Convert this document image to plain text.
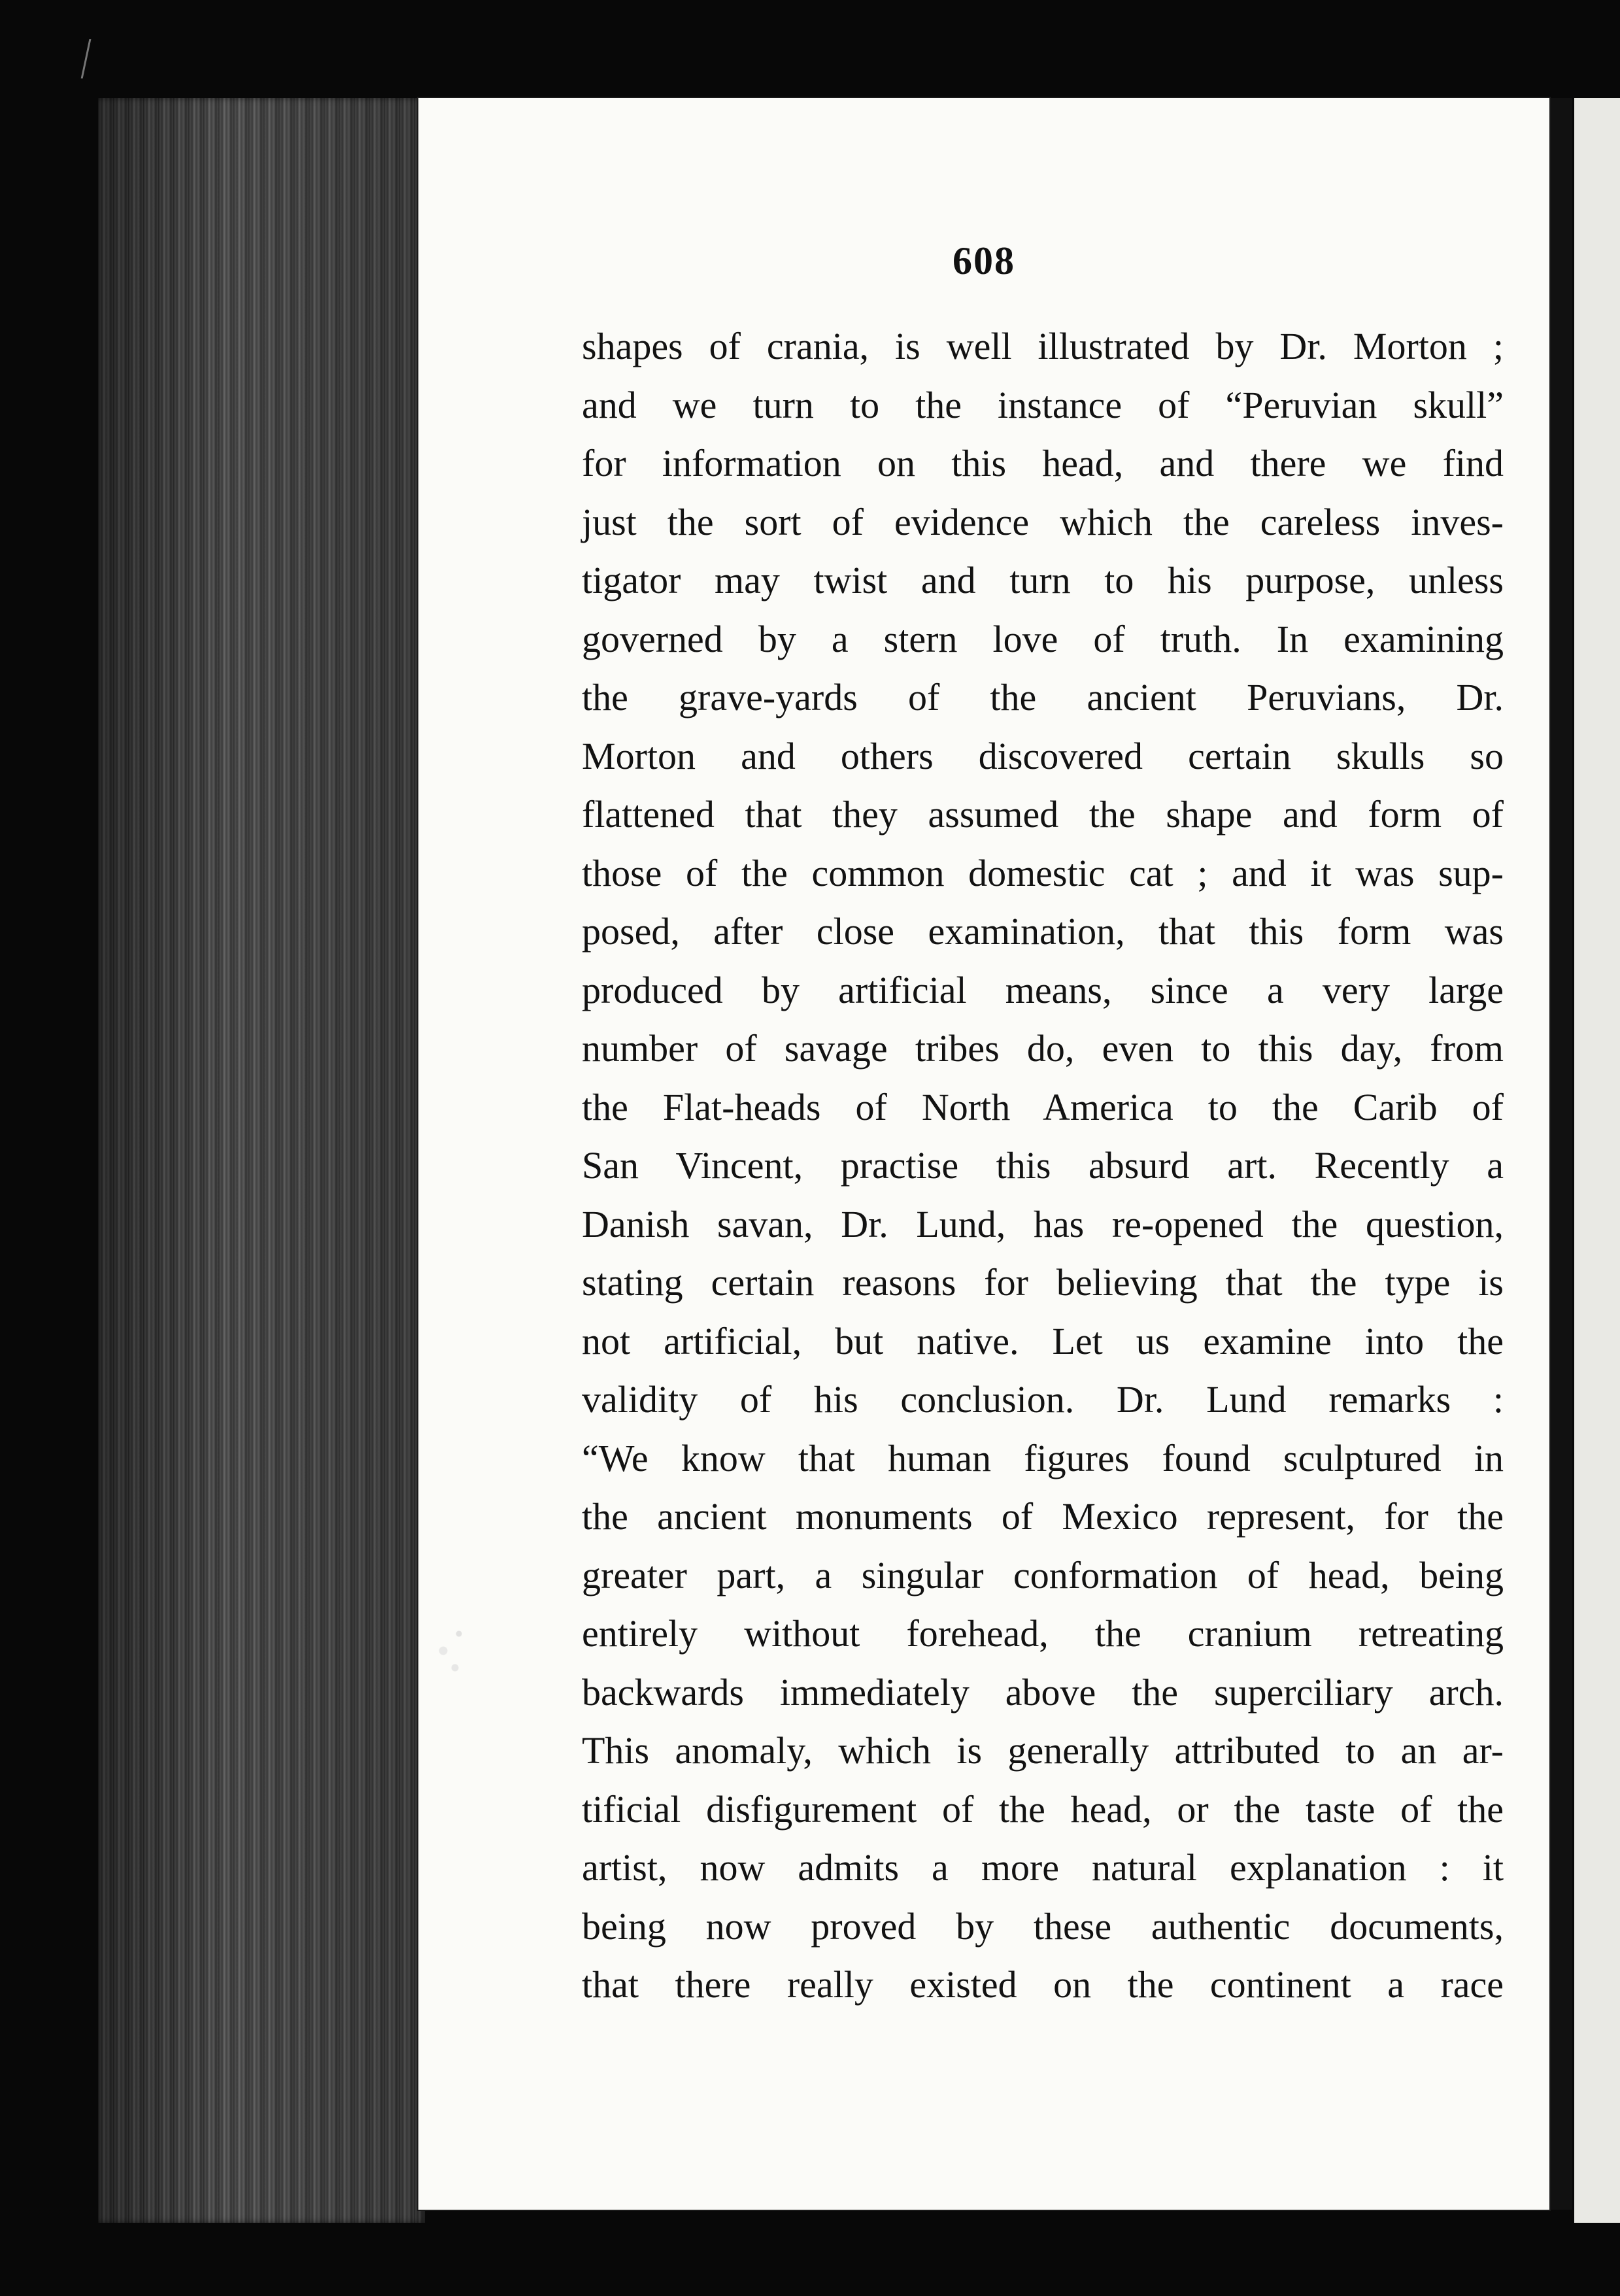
608
shapes of crania, is well illustrated by Dr. Morton ;
and we turn to the instance of “Peruvian skull”
for information on this head, and there we find
just the sort of evidence which the careless inves-
tigator may twist and turn to his purpose, unless
governed by a stern love of truth. In examining
the grave-yards of the ancient Peruvians, Dr.
Morton and others discovered certain skulls so
flattened that they assumed the shape and form of
those of the common domestic cat ; and it was sup-
posed, after close examination, that this form was
produced by artificial means, since a very large
number of savage tribes do, even to this day, from
the Flat-heads of North America to the Carib of
San Vincent, practise this absurd art. Recently a
Danish savan, Dr. Lund, has re-opened the question,
stating certain reasons for believing that the type is
not artificial, but native. Let us examine into the
validity of his conclusion. Dr. Lund remarks :
“We know that human figures found sculptured in
the ancient monuments of Mexico represent, for the
greater part, a singular conformation of head, being
entirely without forehead, the cranium retreating
backwards immediately above the superciliary arch.
This anomaly, which is generally attributed to an ar-
tificial disfigurement of the head, or the taste of the
artist, now admits a more natural explanation : it
being now proved by these authentic documents,
that there really existed on the continent a race
